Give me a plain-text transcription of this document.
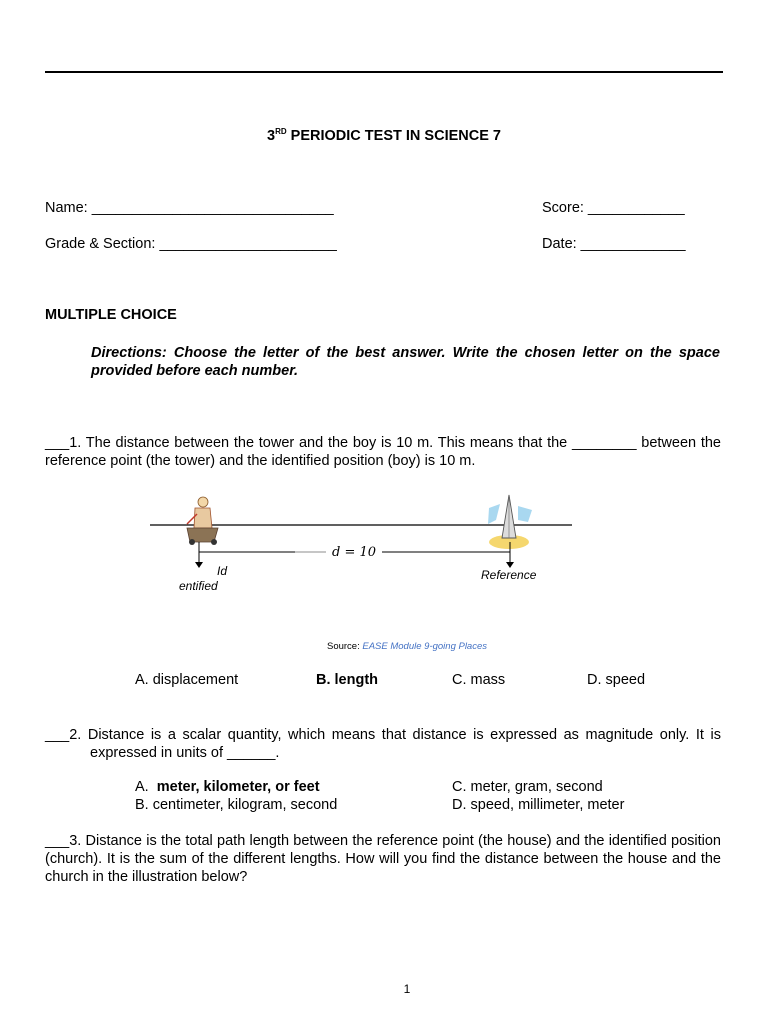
3RD PERIODIC TEST IN SCIENCE 7
Name: ______________________________	Score: ____________
Grade & Section: ______________________	Date: _____________
MULTIPLE CHOICE
Directions: Choose the letter of the best answer. Write the chosen letter on the space provided before each number.
___1. The distance between the tower and the boy is 10 m. This means that the ________ between the reference point (the tower) and the identified position (boy) is 10 m.
d = 10
Id
entified
Reference
Source: EASE Module 9-going Places
A. displacement	B. length	C. mass	D. speed
___2. Distance is a scalar quantity, which means that distance is expressed as magnitude only. It is
expressed in units of ______.
A. meter, kilometer, or feet
B. centimeter, kilogram, second
C. meter, gram, second
D. speed, millimeter, meter
___3. Distance is the total path length between the reference point (the house) and the identified position (church). It is the sum of the different lengths. How will you find the distance between the house and the church in the illustration below?
1
